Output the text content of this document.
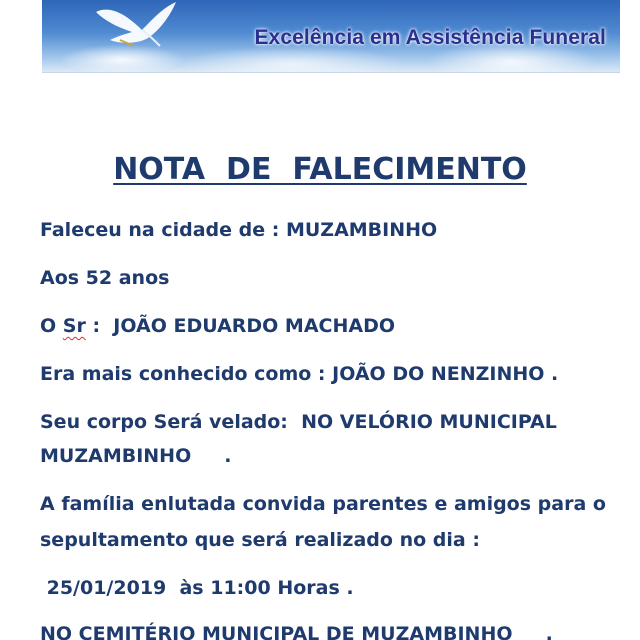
Excelência em Assistência Funeral
NOTA  DE  FALECIMENTO
Faleceu na cidade de : MUZAMBINHO
Aos 52 anos
O Sr :  JOÃO EDUARDO MACHADO
Era mais conhecido como : JOÃO DO NENZINHO .
Seu corpo Será velado:  NO VELÓRIO MUNICIPAL
MUZAMBINHO     .
A família enlutada convida parentes e amigos para o
sepultamento que será realizado no dia :
25/01/2019  às 11:00 Horas .
NO CEMITÉRIO MUNICIPAL DE MUZAMBINHO     .
